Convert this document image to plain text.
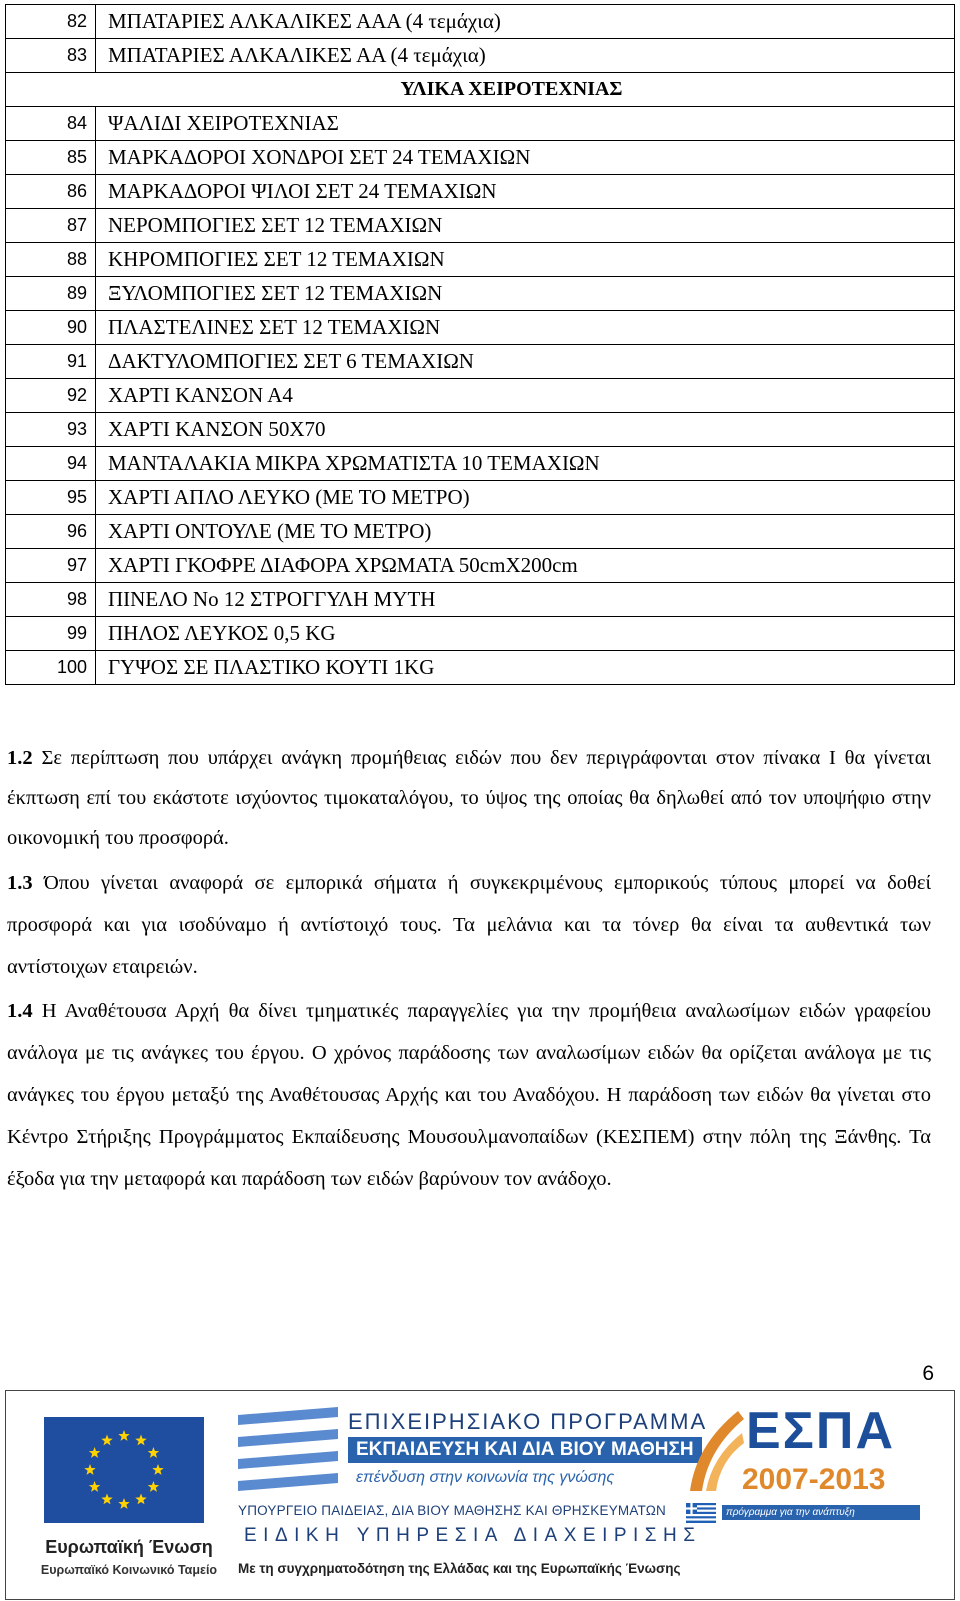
82	ΜΠΑΤΑΡΙΕΣ ΑΛΚΑΛΙΚΕΣ ΑΑΑ (4 τεμάχια)
83	ΜΠΑΤΑΡΙΕΣ ΑΛΚΑΛΙΚΕΣ ΑΑ (4 τεμάχια)
	ΥΛΙΚΑ ΧΕΙΡΟΤΕΧΝΙΑΣ
84	ΨΑΛΙΔΙ ΧΕΙΡΟΤΕΧΝΙΑΣ
85	ΜΑΡΚΑΔΟΡΟΙ ΧΟΝΔΡΟΙ ΣΕΤ 24 ΤΕΜΑΧΙΩΝ
86	ΜΑΡΚΑΔΟΡΟΙ ΨΙΛΟΙ ΣΕΤ 24 ΤΕΜΑΧΙΩΝ
87	ΝΕΡΟΜΠΟΓΙΕΣ ΣΕΤ 12 ΤΕΜΑΧΙΩΝ
88	ΚΗΡΟΜΠΟΓΙΕΣ ΣΕΤ 12 ΤΕΜΑΧΙΩΝ
89	ΞΥΛΟΜΠΟΓΙΕΣ ΣΕΤ 12 ΤΕΜΑΧΙΩΝ
90	ΠΛΑΣΤΕΛΙΝΕΣ ΣΕΤ 12 ΤΕΜΑΧΙΩΝ
91	ΔΑΚΤΥΛΟΜΠΟΓΙΕΣ ΣΕΤ 6 ΤΕΜΑΧΙΩΝ
92	ΧΑΡΤΙ ΚΑΝΣΟΝ Α4
93	ΧΑΡΤΙ ΚΑΝΣΟΝ 50Χ70
94	ΜΑΝΤΑΛΑΚΙΑ ΜΙΚΡΑ ΧΡΩΜΑΤΙΣΤΑ 10 ΤΕΜΑΧΙΩΝ
95	ΧΑΡΤΙ ΑΠΛΟ ΛΕΥΚΟ (ΜΕ ΤΟ ΜΕΤΡΟ)
96	ΧΑΡΤΙ ΟΝΤΟΥΛΕ (ΜΕ ΤΟ ΜΕΤΡΟ)
97	ΧΑΡΤΙ ΓΚΟΦΡΕ ΔΙΑΦΟΡΑ ΧΡΩΜΑΤΑ 50cmX200cm
98	ΠΙΝΕΛΟ Νο 12 ΣΤΡΟΓΓΥΛΗ ΜΥΤΗ
99	ΠΗΛΟΣ ΛΕΥΚΟΣ 0,5 KG
100	ΓΥΨΟΣ ΣΕ ΠΛΑΣΤΙΚΟ ΚΟΥΤΙ 1KG

1.2 Σε περίπτωση που υπάρχει ανάγκη προμήθειας ειδών που δεν περιγράφονται στον πίνακα Ι θα γίνεται έκπτωση επί του εκάστοτε ισχύοντος τιμοκαταλόγου, το ύψος της οποίας θα δηλωθεί από τον υποψήφιο στην οικονομική του προσφορά.

1.3 Όπου γίνεται αναφορά σε εμπορικά σήματα ή συγκεκριμένους εμπορικούς τύπους μπορεί να δοθεί προσφορά και για ισοδύναμο ή αντίστοιχό τους. Τα μελάνια και τα τόνερ θα είναι τα αυθεντικά των αντίστοιχων εταιρειών.

1.4 Η Αναθέτουσα Αρχή θα δίνει τμηματικές παραγγελίες για την προμήθεια αναλωσίμων ειδών γραφείου ανάλογα με τις ανάγκες του έργου. Ο χρόνος παράδοσης των αναλωσίμων ειδών θα ορίζεται ανάλογα με τις ανάγκες του έργου μεταξύ της Αναθέτουσας Αρχής και του Αναδόχου. Η παράδοση των ειδών θα γίνεται στο Κέντρο Στήριξης Προγράμματος Εκπαίδευσης Μουσουλμανοπαίδων (ΚΕΣΠΕΜ) στην πόλη της Ξάνθης. Τα έξοδα για την μεταφορά και παράδοση των ειδών βαρύνουν τον ανάδοχο.

6
Ευρωπαϊκή Ένωση
Ευρωπαϊκό Κοινωνικό Ταμείο
ΕΠΙΧΕΙΡΗΣΙΑΚΟ ΠΡΟΓΡΑΜΜΑ
ΕΚΠΑΙΔΕΥΣΗ ΚΑΙ ΔΙΑ ΒΙΟΥ ΜΑΘΗΣΗ
επένδυση στην κοινωνία της γνώσης
ΥΠΟΥΡΓΕΙΟ ΠΑΙΔΕΙΑΣ, ΔΙΑ ΒΙΟΥ ΜΑΘΗΣΗΣ ΚΑΙ ΘΡΗΣΚΕΥΜΑΤΩΝ
ΕΙΔΙΚΗ ΥΠΗΡΕΣΙΑ ΔΙΑΧΕΙΡΙΣΗΣ
Με τη συγχρηματοδότηση της Ελλάδας και της Ευρωπαϊκής Ένωσης
ΕΣΠΑ
2007-2013
πρόγραμμα για την ανάπτυξη
